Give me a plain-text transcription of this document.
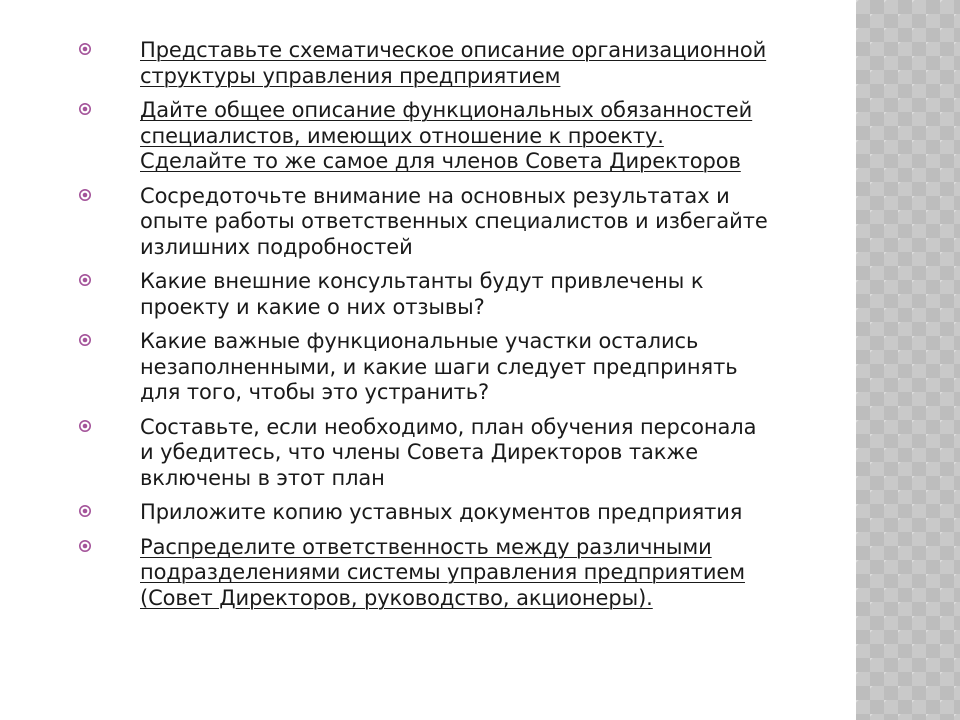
Представьте схематическое описание организационной
структуры управления предприятием
Дайте общее описание функциональных обязанностей
специалистов, имеющих отношение к проекту.
Сделайте то же самое для членов Совета Директоров
Сосредоточьте внимание на основных результатах и
опыте работы ответственных специалистов и избегайте
излишних подробностей
Какие внешние консультанты будут привлечены к
проекту и какие о них отзывы?
Какие важные функциональные участки остались
незаполненными, и какие шаги следует предпринять
для того, чтобы это устранить?
Составьте, если необходимо, план обучения персонала
и убедитесь, что члены Совета Директоров также
включены в этот план
Приложите копию уставных документов предприятия
Распределите ответственность между различными
подразделениями системы управления предприятием
(Совет Директоров, руководство, акционеры).
